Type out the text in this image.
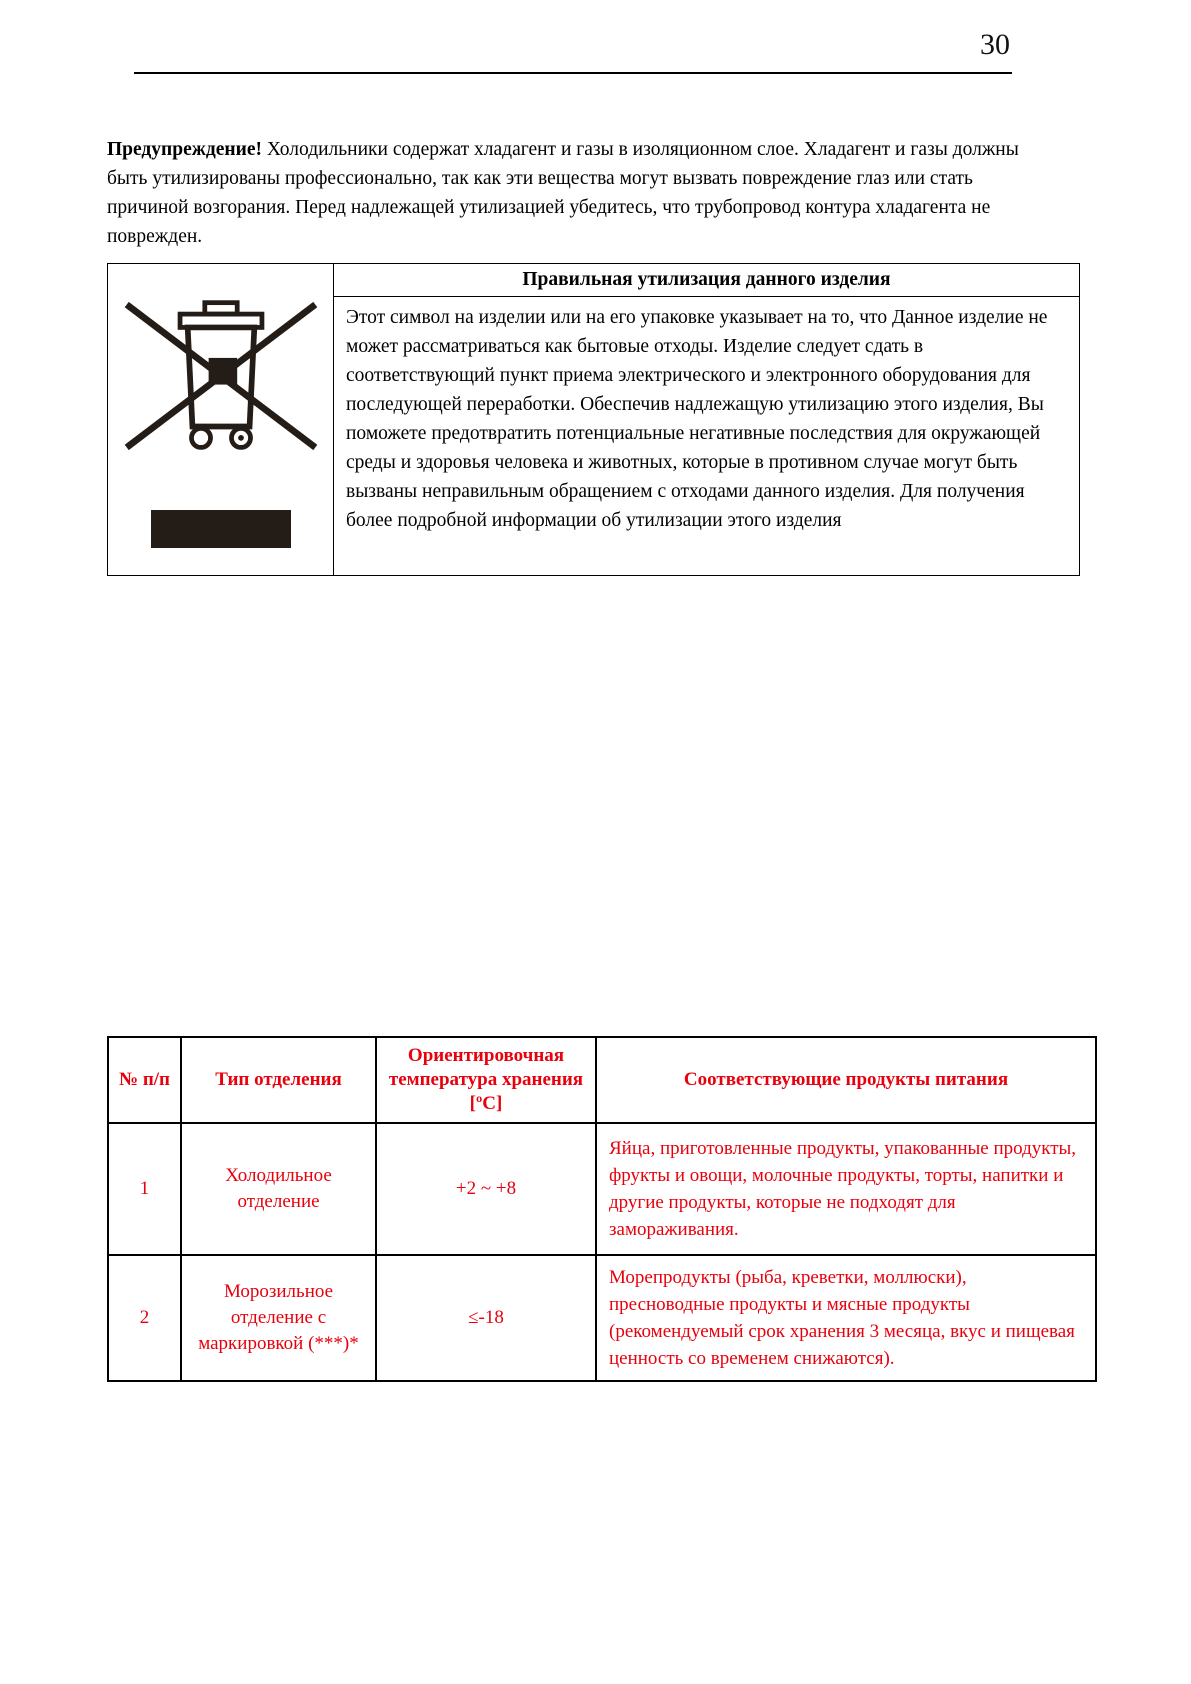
30

Предупреждение! Холодильники содержат хладагент и газы в изоляционном слое. Хладагент и газы должны быть утилизированы профессионально, так как эти вещества могут вызвать повреждение глаз или стать причиной возгорания. Перед надлежащей утилизацией убедитесь, что трубопровод контура хладагента не поврежден.

	Правильная утилизация данного изделия
Этот символ на изделии или на его упаковке указывает на то, что Данное изделие не может рассматриваться как бытовые отходы. Изделие следует сдать в соответствующий пункт приема электрического и электронного оборудования для последующей переработки. Обеспечив надлежащую утилизацию этого изделия, Вы поможете предотвратить потенциальные негативные последствия для окружающей среды и здоровья человека и животных, которые в противном случае могут быть вызваны неправильным обращением с отходами данного изделия. Для получения более подробной информации об утилизации этого изделия
№ п/п	Тип отделения	Ориентировочная температура хранения [ºC]	Соответствующие продукты питания
1	Холодильное отделение	+2 ~ +8	Яйца, приготовленные продукты, упакованные продукты, фрукты и овощи, молочные продукты, торты, напитки и другие продукты, которые не подходят для замораживания.
2	Морозильное отделение с маркировкой (***)*	≤-18	Морепродукты (рыба, креветки, моллюски), пресноводные продукты и мясные продукты (рекомендуемый срок хранения 3 месяца, вкус и пищевая ценность со временем снижаются).
